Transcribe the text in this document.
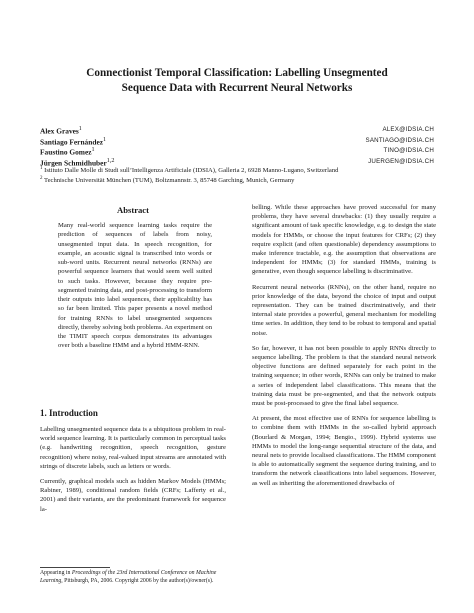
Connectionist Temporal Classification: Labelling Unsegmented
Sequence Data with Recurrent Neural Networks
Alex Graves$^1$	ALEX@IDSIA.CH
Santiago Fernández$^1$	SANTIAGO@IDSIA.CH
Faustino Gomez$^1$	TINO@IDSIA.CH
Jürgen Schmidhuber$^{1,2}$	JUERGEN@IDSIA.CH
$^1$ Istituto Dalle Molle di Studi sull’Intelligenza Artificiale (IDSIA), Galleria 2, 6928 Manno-Lugano, Switzerland
$^2$ Technische Universität München (TUM), Boltzmannstr. 3, 85748 Garching, Munich, Germany
Abstract
Many real-world sequence learning tasks require the prediction of sequences of labels from noisy, unsegmented input data. In speech recognition, for example, an acoustic signal is transcribed into words or sub-word units. Recurrent neural networks (RNNs) are powerful sequence learners that would seem well suited to such tasks. However, because they require pre-segmented training data, and post-processing to transform their outputs into label sequences, their applicability has so far been limited. This paper presents a novel method for training RNNs to label unsegmented sequences directly, thereby solving both problems. An experiment on the TIMIT speech corpus demonstrates its advantages over both a baseline HMM and a hybrid HMM-RNN.
1. Introduction

Labelling unsegmented sequence data is a ubiquitous problem in real-world sequence learning. It is particularly common in perceptual tasks (e.g. handwriting recognition, speech recognition, gesture recognition) where noisy, real-valued input streams are annotated with strings of discrete labels, such as letters or words.

Currently, graphical models such as hidden Markov Models (HMMs; Rabiner, 1989), conditional random fields (CRFs; Lafferty et al., 2001) and their variants, are the predominant framework for sequence la-

belling. While these approaches have proved successful for many problems, they have several drawbacks: (1) they usually require a significant amount of task specific knowledge, e.g. to design the state models for HMMs, or choose the input features for CRFs; (2) they require explicit (and often questionable) dependency assumptions to make inference tractable, e.g. the assumption that observations are independent for HMMs; (3) for standard HMMs, training is generative, even though sequence labelling is discriminative.

Recurrent neural networks (RNNs), on the other hand, require no prior knowledge of the data, beyond the choice of input and output representation. They can be trained discriminatively, and their internal state provides a powerful, general mechanism for modelling time series. In addition, they tend to be robust to temporal and spatial noise.

So far, however, it has not been possible to apply RNNs directly to sequence labelling. The problem is that the standard neural network objective functions are defined separately for each point in the training sequence; in other words, RNNs can only be trained to make a series of independent label classifications. This means that the training data must be pre-segmented, and that the network outputs must be post-processed to give the final label sequence.

At present, the most effective use of RNNs for sequence labelling is to combine them with HMMs in the so-called hybrid approach (Bourlard & Morgan, 1994; Bengio., 1999). Hybrid systems use HMMs to model the long-range sequential structure of the data, and neural nets to provide localised classifications. The HMM component is able to automatically segment the sequence during training, and to transform the network classifications into label sequences. However, as well as inheriting the aforementioned drawbacks of

Appearing in Proceedings of the 23rd International Conference on Machine Learning, Pittsburgh, PA, 2006. Copyright 2006 by the author(s)/owner(s).
